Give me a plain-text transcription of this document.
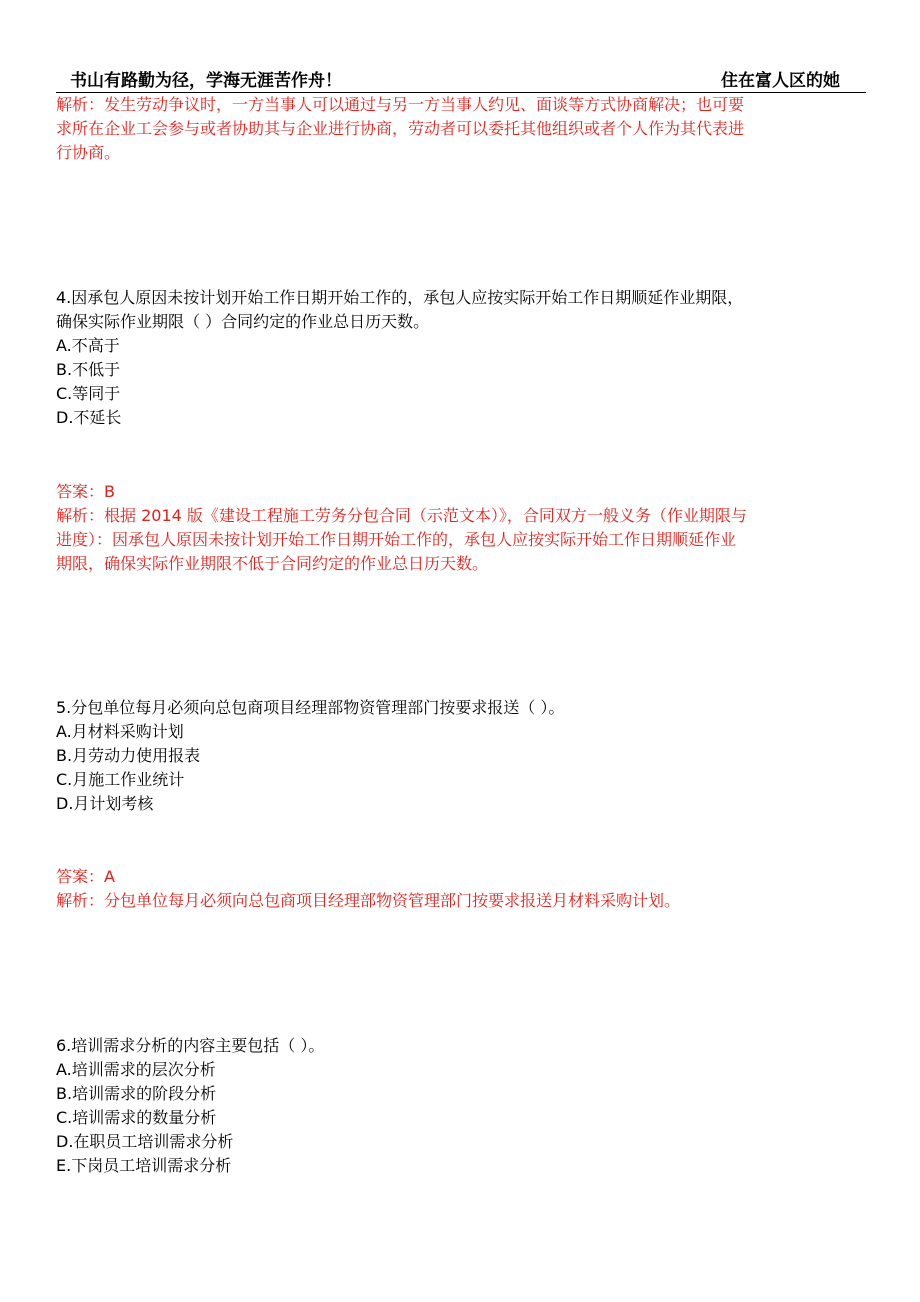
书山有路勤为径，学海无涯苦作舟！	住在富人区的她

解析：发生劳动争议时，一方当事人可以通过与另一方当事人约见、面谈等方式协商解决；也可要

求所在企业工会参与或者协助其与企业进行协商，劳动者可以委托其他组织或者个人作为其代表进

行协商。

4.因承包人原因未按计划开始工作日期开始工作的，承包人应按实际开始工作日期顺延作业期限，

确保实际作业期限（ ）合同约定的作业总日历天数。

A.不高于

B.不低于

C.等同于

D.不延长

答案：B

解析：根据 2014 版《建设工程施工劳务分包合同（示范文本）》，合同双方一般义务（作业期限与

进度）：因承包人原因未按计划开始工作日期开始工作的，承包人应按实际开始工作日期顺延作业

期限，确保实际作业期限不低于合同约定的作业总日历天数。

5.分包单位每月必须向总包商项目经理部物资管理部门按要求报送（ ）。

A.月材料采购计划

B.月劳动力使用报表

C.月施工作业统计

D.月计划考核

答案：A

解析：分包单位每月必须向总包商项目经理部物资管理部门按要求报送月材料采购计划。

6.培训需求分析的内容主要包括（ ）。

A.培训需求的层次分析

B.培训需求的阶段分析

C.培训需求的数量分析

D.在职员工培训需求分析

E.下岗员工培训需求分析
